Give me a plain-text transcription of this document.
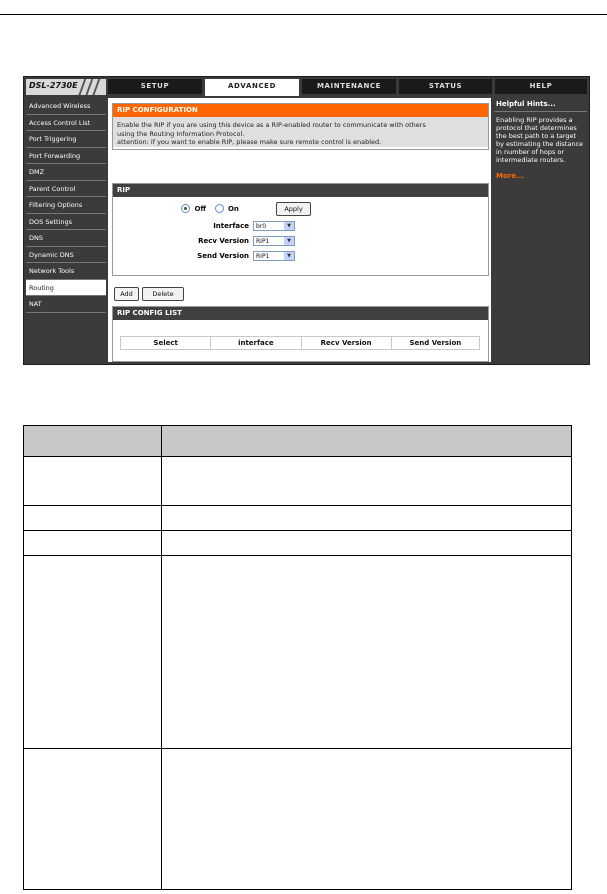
DSL-2730E	SETUP	ADVANCED	MAINTENANCE	STATUS	HELP
Advanced Wireless
Access Control List
Port Triggering
Port Forwarding
DMZ
Parent Control
Filtering Options
DOS Settings
DNS
Dynamic DNS
Network Tools
Routing
NAT
RIP CONFIGURATION
Enable the RIP if you are using this device as a RIP-enabled router to communicate with others
using the Routing Information Protocol.
attention: if you want to enable RIP, please make sure remote control is enabled.
RIP
Off	On	Apply
Interface	br0	▼
Recv Version	RIP1	▼
Send Version	RIP1	▼
Add	Delete
RIP CONFIG LIST
Select	interface	Recv Version	Send Version
Helpful Hints...
Enabling RIP provides a
protocol that determines
the best path to a target
by estimating the distance
in number of hops or
intermediate routers.
More...
